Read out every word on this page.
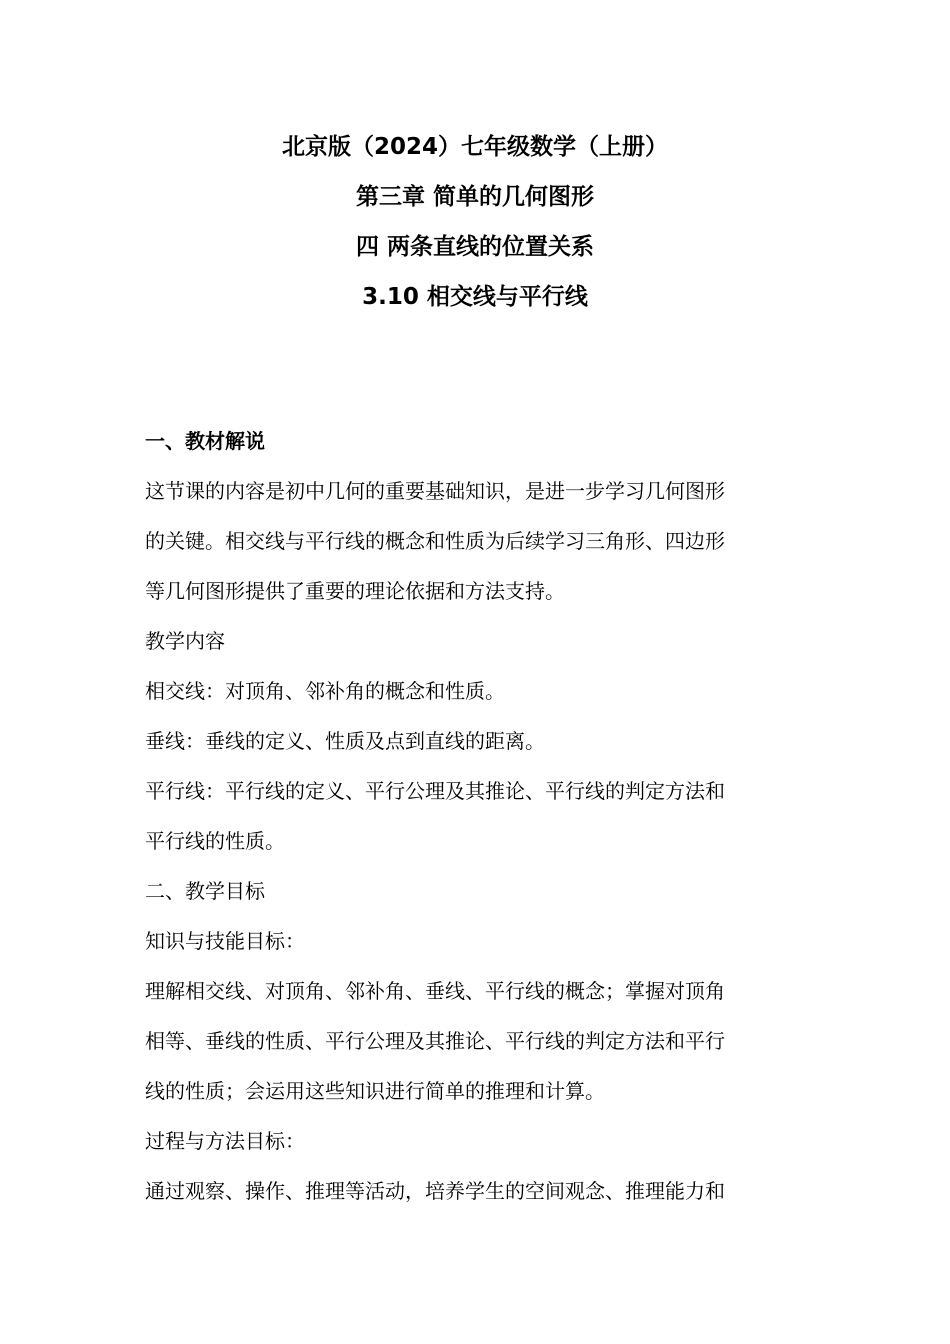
北京版（2024）七年级数学（上册）
第三章 简单的几何图形
四 两条直线的位置关系
3.10 相交线与平行线
一、教材解说
这节课的内容是初中几何的重要基础知识，是进一步学习几何图形
的关键。相交线与平行线的概念和性质为后续学习三角形、四边形
等几何图形提供了重要的理论依据和方法支持。
教学内容
相交线：对顶角、邻补角的概念和性质。
垂线：垂线的定义、性质及点到直线的距离。
平行线：平行线的定义、平行公理及其推论、平行线的判定方法和
平行线的性质。
二、教学目标
知识与技能目标：
理解相交线、对顶角、邻补角、垂线、平行线的概念；掌握对顶角
相等、垂线的性质、平行公理及其推论、平行线的判定方法和平行
线的性质；会运用这些知识进行简单的推理和计算。
过程与方法目标：
通过观察、操作、推理等活动，培养学生的空间观念、推理能力和
